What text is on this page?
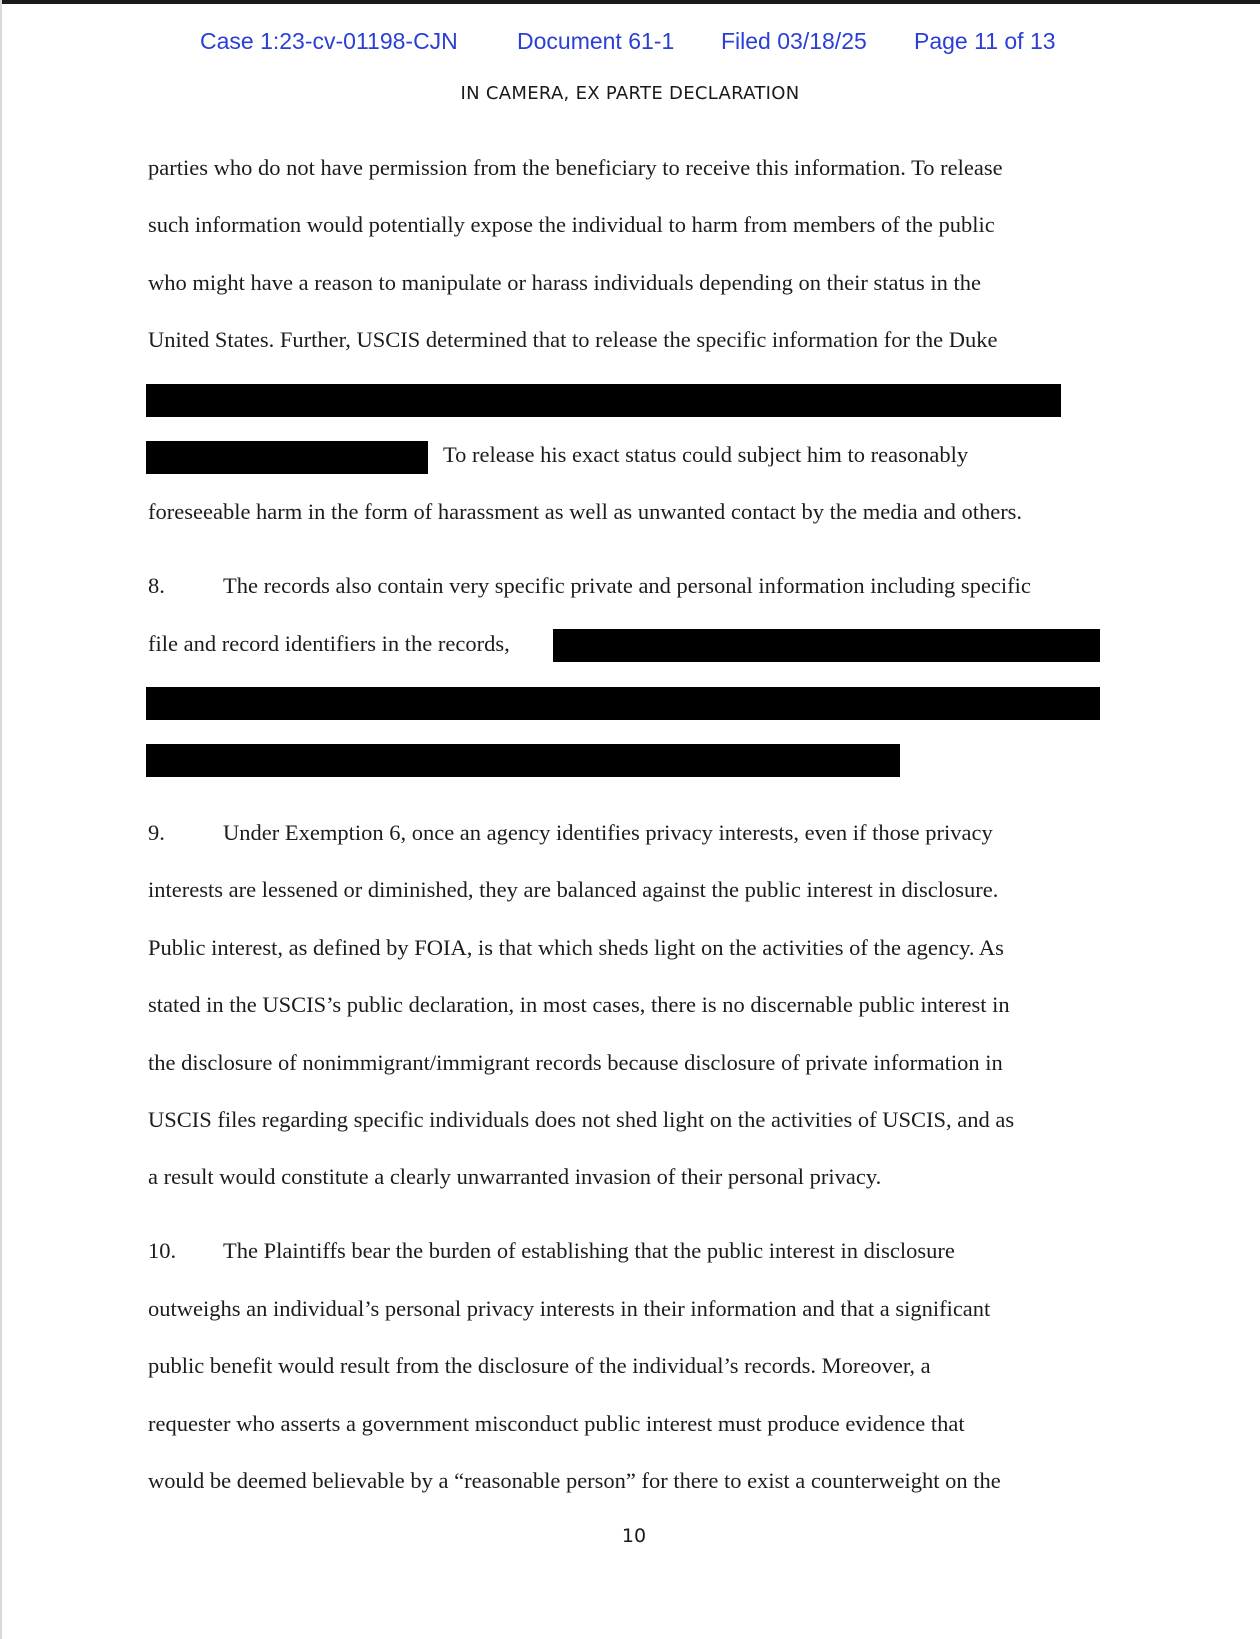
Case 1:23-cv-01198-CJN	Document 61-1 Filed 03/18/25 Page 11 of 13
IN CAMERA, EX PARTE DECLARATION
parties who do not have permission from the beneficiary to receive this information. To release
such information would potentially expose the individual to harm from members of the public
who might have a reason to manipulate or harass individuals depending on their status in the
United States. Further, USCIS determined that to release the specific information for the Duke
To release his exact status could subject him to reasonably
foreseeable harm in the form of harassment as well as unwanted contact by the media and others.
8.	The records also contain very specific private and personal information including specific
file and record identifiers in the records,
9.	Under Exemption 6, once an agency identifies privacy interests, even if those privacy
interests are lessened or diminished, they are balanced against the public interest in disclosure.
Public interest, as defined by FOIA, is that which sheds light on the activities of the agency. As
stated in the USCIS’s public declaration, in most cases, there is no discernable public interest in
the disclosure of nonimmigrant/immigrant records because disclosure of private information in
USCIS files regarding specific individuals does not shed light on the activities of USCIS, and as
a result would constitute a clearly unwarranted invasion of their personal privacy.
10. The Plaintiffs bear the burden of establishing that the public interest in disclosure
outweighs an individual’s personal privacy interests in their information and that a significant
public benefit would result from the disclosure of the individual’s records. Moreover, a
requester who asserts a government misconduct public interest must produce evidence that
would be deemed believable by a “reasonable person” for there to exist a counterweight on the
10
